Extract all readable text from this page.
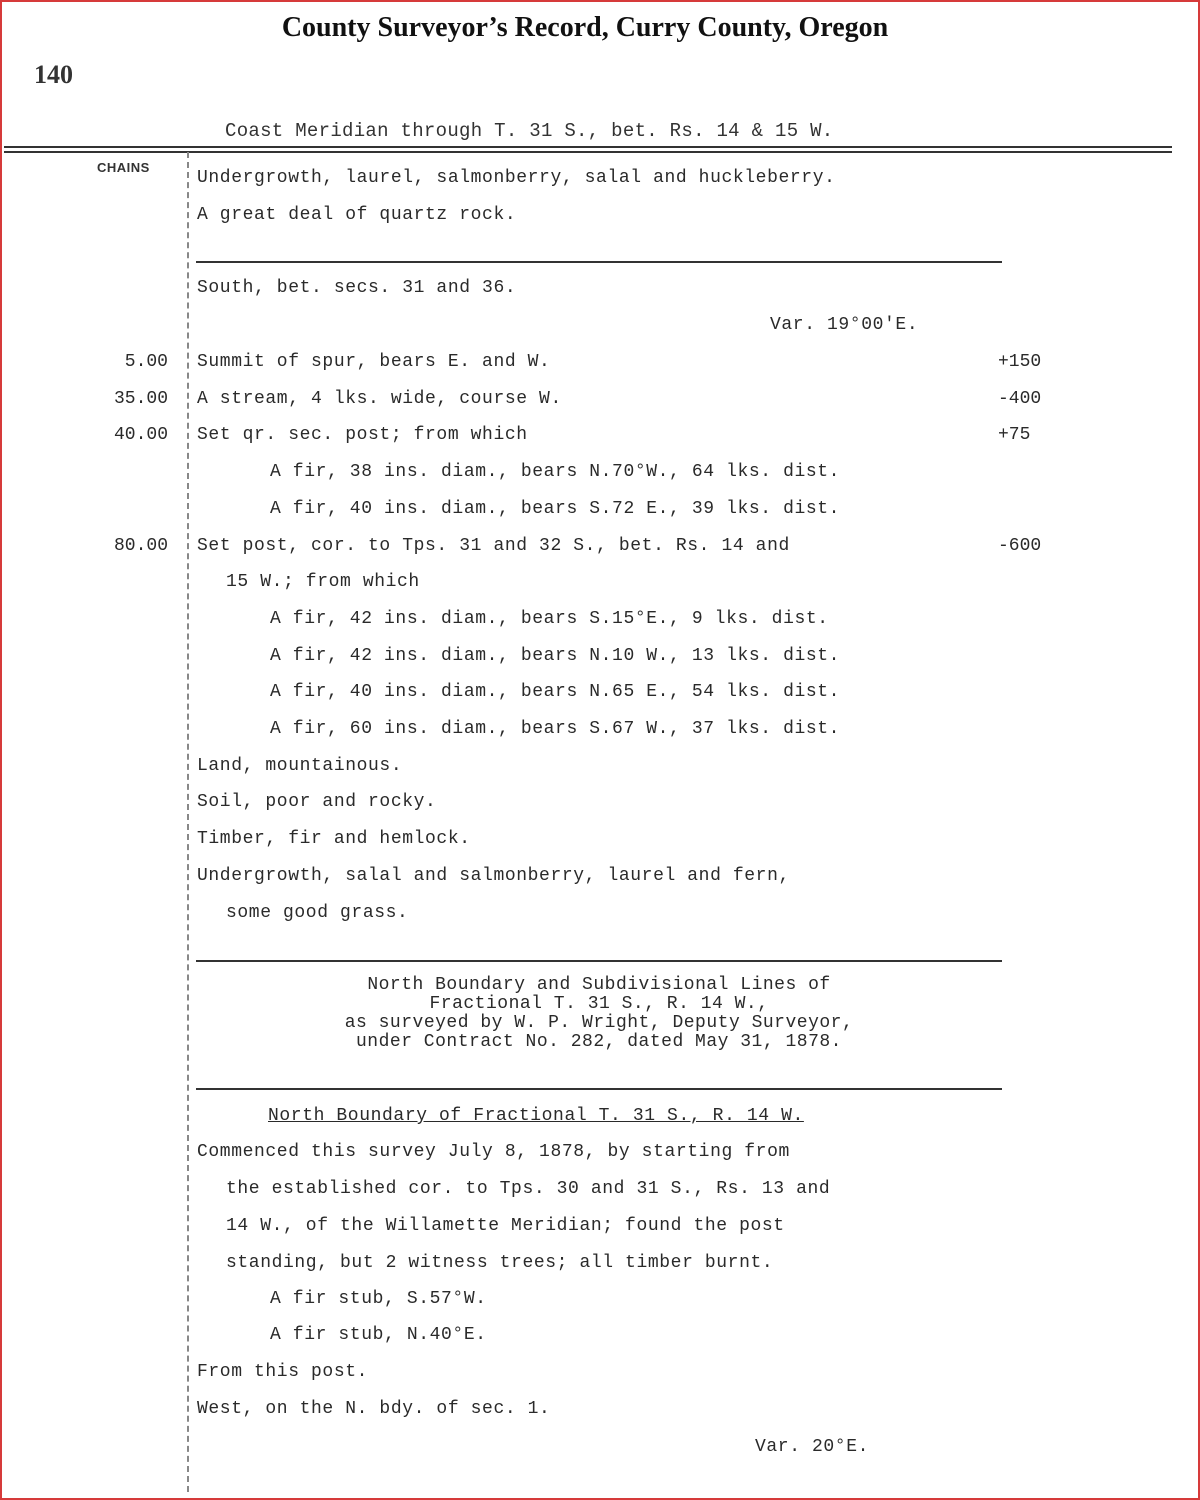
County Surveyor’s Record, Curry County, Oregon
140
Coast Meridian through T. 31 S., bet. Rs. 14 & 15 W.
CHAINS
Undergrowth, laurel, salmonberry, salal and huckleberry.
A great deal of quartz rock.
South, bet. secs. 31 and 36.
Var. 19°00'E.
5.00 Summit of spur, bears E. and W.	+150
35.00 A stream, 4 lks. wide, course W.	-400
40.00 Set qr. sec. post; from which	+75
A fir, 38 ins. diam., bears N.70°W., 64 lks. dist.
A fir, 40 ins. diam., bears S.72 E., 39 lks. dist.
80.00 Set post, cor. to Tps. 31 and 32 S., bet. Rs. 14 and	-600
15 W.; from which
A fir, 42 ins. diam., bears S.15°E., 9 lks. dist.
A fir, 42 ins. diam., bears N.10 W., 13 lks. dist.
A fir, 40 ins. diam., bears N.65 E., 54 lks. dist.
A fir, 60 ins. diam., bears S.67 W., 37 lks. dist.
Land, mountainous.
Soil, poor and rocky.
Timber, fir and hemlock.
Undergrowth, salal and salmonberry, laurel and fern,
some good grass.
North Boundary and Subdivisional Lines of
Fractional T. 31 S., R. 14 W.,
as surveyed by W. P. Wright, Deputy Surveyor,
under Contract No. 282, dated May 31, 1878.
North Boundary of Fractional T. 31 S., R. 14 W.
Commenced this survey July 8, 1878, by starting from
the established cor. to Tps. 30 and 31 S., Rs. 13 and
14 W., of the Willamette Meridian; found the post
standing, but 2 witness trees; all timber burnt.
A fir stub, S.57°W.
A fir stub, N.40°E.
From this post.
West, on the N. bdy. of sec. 1.
Var. 20°E.
